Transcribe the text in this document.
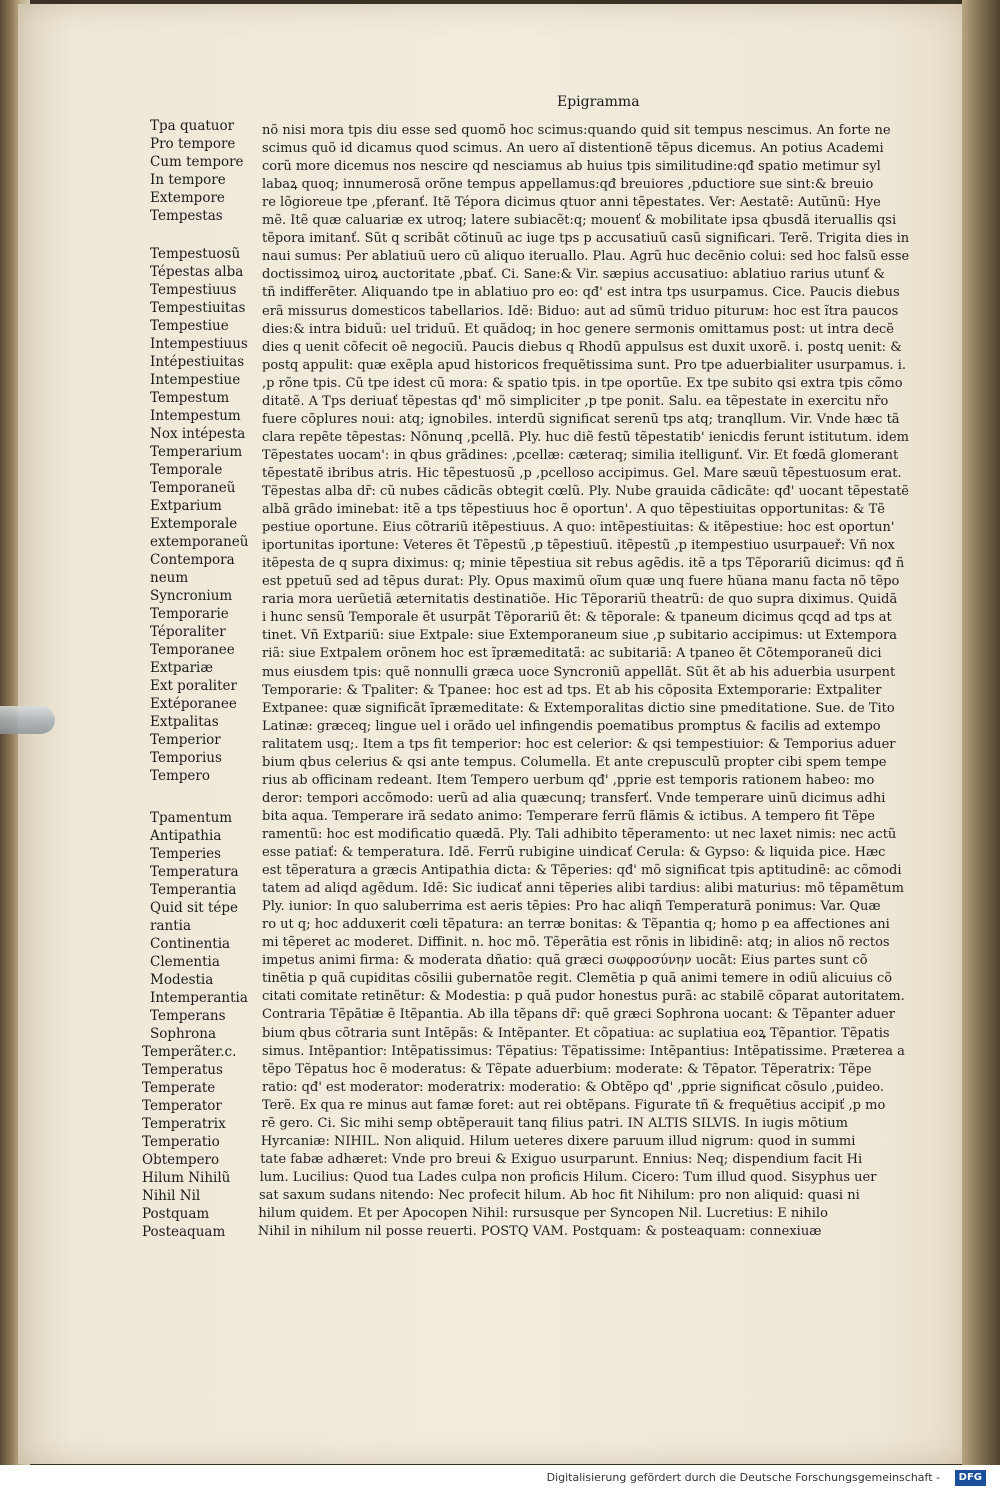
Epigramma
Tpa quatuor
Pro tempore
Cum tempore
In tempore
Extempore
Tempestas
Tempestuosũ
Tépestas alba
Tempestiuus
Tempestiuitas
Tempestiue
Intempestiuus
Intépestiuitas
Intempestiue
Tempestum
Intempestum
Nox intépesta
Temperarium
Temporale
Temporaneũ
Extparium
Extemporale
extemporaneũ
Contempora
neum
Syncronium
Temporarie
Téporaliter
Temporanee
Extpariæ
Ext poraliter
Extéporanee
Extpalitas
Temperior
Temporius
Tempero
Tpamentum
Antipathia
Temperies
Temperatura
Temperantia
Quid sit tépe
rantia
Continentia
Clementia
Modestia
Intemperantia
Temperans
Sophrona
Temperãter.c.
Temperatus
Temperate
Temperator
Temperatrix
Temperatio
Obtempero
Hilum Nihilũ
Nihil Nil
Postquam
Posteaquam
nõ nisi mora tpis diu esse sed quomõ hoc scimus:quando quid sit tempus nescimus. An forte ne
scimus quõ id dicamus quod scimus. An uero aĩ distentionẽ tẽpus dicemus. An potius Academi
corũ more dicemus nos nescire qd nesciamus ab huius tpis similitudine:qđ spatio metimur syl
labaꝝ quoq; innumerosã orõne tempus appellamus:qđ breuiores ,pductiore sue sint:& breuio
re lõgioreue tpe ,pferanť. Itẽ Tépora dicimus qtuor anni tẽpestates. Ver: Aestatẽ: Autũnũ: Hye
mẽ. Itẽ quæ caluariæ ex utroq; latere subiacẽt:q; mouenť & mobilitate ipsa qbusdã iteruallis qsi
tẽpora imitanť. Sũt q scribãt cõtinuũ ac iuge tps p accusatiuũ casũ significari. Terẽ. Trigita dies in
naui sumus: Per ablatiuũ uero cũ aliquo iteruallo. Plau. Agrũ huc decẽnio colui: sed hoc falsũ esse
doctissimoꝝ uiroꝝ auctoritate ,pbať. Ci. Sane:& Vir. sæpius accusatiuo: ablatiuo rarius utunť &
tñ indifferẽter. Aliquando tpe in ablatiuo pro eo: qđ' est intra tps usurpamus. Cice. Paucis diebus
erã missurus domesticos tabellarios. Idẽ: Biduo: aut ad sũmũ triduo pituruм: hoc est ĩtra paucos
dies:& intra biduũ: uel triduũ. Et quãdoq; in hoc genere sermonis omittamus post: ut intra decẽ
dies q uenit cõfecit oẽ negociũ. Paucis diebus q Rhodũ appulsus est duxit uxorẽ. i. postq uenit: &
postq appulit: quæ exẽpla apud historicos frequẽtissima sunt. Pro tpe aduerbialiter usurpamus. i.
,p rõne tpis. Cũ tpe idest cũ mora: & spatio tpis. in tpe oportũe. Ex tpe subito qsi extra tpis cõmo
ditatẽ. A Tps deriuať tẽpestas qđ' mõ simpliciter ,p tpe ponit. Salu. ea tẽpestate in exercitu nr̃o
fuere cõplures noui: atq; ignobiles. interdũ significat serenũ tps atq; tranqllum. Vir. Vnde hæc tã
clara repẽte tẽpestas: Nõnunq ,pcellã. Ply. huc diẽ festũ tẽpestatib' ienicdis ferunt istitutum. idem
Tẽpestates uocam': in qbus grãdines: ,pcellæ: cæteraq; similia itelligunť. Vir. Et fœdã glomerant
tẽpestatẽ ibribus atris. Hic tẽpestuosũ ,p ,pcelloso accipimus. Gel. Mare sæuũ tẽpestuosum erat.
Tẽpestas alba dr̃: cũ nubes cãdicãs obtegit cœlũ. Ply. Nube grauida cãdicãte: qđ' uocant tẽpestatẽ
albã grãdo iminebat: itẽ a tps tẽpestiuus hoc ẽ oportun'. A quo tẽpestiuitas opportunitas: & Tẽ
pestiue oportune. Eius cõtrariũ itẽpestiuus. A quo: intẽpestiuitas: & itẽpestiue: hoc est oportun'
iportunitas iportune: Veteres ẽt Tẽpestũ ,p tẽpestiuũ. itẽpestũ ,p itempestiuo usurpaueř: Vñ nox
itẽpesta de q supra diximus: q; minie tẽpestiua sit rebus agẽdis. itẽ a tps Tẽporariũ dicimus: qđ ñ
est ppetuũ sed ad tẽpus durat: Ply. Opus maximũ oĩum quæ unq fuere hũana manu facta nõ tẽpo
raria mora uerũetiã æternitatis destinatiõe. Hic Tẽporariũ theatrũ: de quo supra diximus. Quidã
i hunc sensũ Temporale ẽt usurpãt Tẽporariũ ẽt: & tẽporale: & tpaneum dicimus qcqd ad tps at
tinet. Vñ Extpariũ: siue Extpale: siue Extemporaneum siue ,p subitario accipimus: ut Extempora
riã: siue Extpalem orõnem hoc est ĩpræmeditatã: ac subitariã: A tpaneo ẽt Cõtemporaneũ dici
mus eiusdem tpis: quẽ nonnulli græca uoce Syncroniũ appellãt. Sũt ẽt ab his aduerbia usurpent
Temporarie: & Tpaliter: & Tpanee: hoc est ad tps. Et ab his cõposita Extemporarie: Extpaliter
Extpanee: quæ significãt ĩpræmeditate: & Extemporalitas dictio sine pmeditatione. Sue. de Tito
Latinæ: græceq; lingue uel i orãdo uel infingendis poematibus promptus & facilis ad extempo
ralitatem usq;. Item a tps fit temperior: hoc est celerior: & qsi tempestiuior: & Temporius aduer
bium qbus celerius & qsi ante tempus. Columella. Et ante crepusculũ propter cibi spem tempe
rius ab officinam redeant. Item Tempero uerbum qđ' ,pprie est temporis rationem habeo: mo
deror: tempori accõmodo: uerũ ad alia quæcunq; transferť. Vnde temperare uinũ dicimus adhi
bita aqua. Temperare irã sedato animo: Temperare ferrũ flãmis & ictibus. A tempero fit Tẽpe
ramentũ: hoc est modificatio quædã. Ply. Tali adhibito tẽperamento: ut nec laxet nimis: nec actũ
esse patiať: & temperatura. Idẽ. Ferrũ rubigine uindicať Cerula: & Gypso: & liquida pice. Hæc
est tẽperatura a græcis Antipathia dicta: & Tẽperies: qđ' mõ significat tpis aptitudinẽ: ac cõmodi
tatem ad aliqd agẽdum. Idẽ: Sic iudicať anni tẽperies alibi tardius: alibi maturius: mõ tẽpamẽtum
Ply. iunior: In quo saluberrima est aeris tẽpies: Pro hac aliqñ Temperaturã ponimus: Var. Quæ
ro ut q; hoc adduxerit cœli tẽpatura: an terræ bonitas: & Tẽpantia q; homo p ea affectiones ani
mi tẽperet ac moderet. Diffinit. n. hoc mõ. Tẽperãtia est rõnis in libidinẽ: atq; in alios nõ rectos
impetus animi firma: & moderata dñatio: quã græci σωφροσύνην uocãt: Eius partes sunt cõ
tinẽtia p quã cupiditas cõsilii gubernatõe regit. Clemẽtia p quã animi temere in odiũ alicuius cõ
citati comitate retinẽtur: & Modestia: p quã pudor honestus purã: ac stabilẽ cõparat autoritatem.
Contraria Tẽpãtiæ ẽ Itẽpantia. Ab illa tẽpans dr̃: quẽ græci Sophrona uocant: & Tẽpanter aduer
bium qbus cõtraria sunt Intẽpãs: & Intẽpanter. Et cõpatiua: ac suplatiua eoꝝ Tẽpantior. Tẽpatis
simus. Intẽpantior: Intẽpatissimus: Tẽpatius: Tẽpatissime: Intẽpantius: Intẽpatissime. Præterea a
tẽpo Tẽpatus hoc ẽ moderatus: & Tẽpate aduerbium: moderate: & Tẽpator. Tẽperatrix: Tẽpe
ratio: qđ' est moderator: moderatrix: moderatio: & Obtẽpo qđ' ,pprie significat cõsulo ,puideo.
Terẽ. Ex qua re minus aut famæ foret: aut rei obtẽpans. Figurate tñ & frequẽtius accipiť ,p mo
rẽ gero. Ci. Sic mihi semp obtẽperauit tanq filius patri. IN ALTIS SILVIS. In iugis mõtium
Hyrcaniæ: NIHIL. Non aliquid. Hilum ueteres dixere paruum illud nigrum: quod in summi
tate fabæ adhæret: Vnde pro breui & Exiguo usurparunt. Ennius: Neq; dispendium facit Hi
lum. Lucilius: Quod tua Lades culpa non proficis Hilum. Cicero: Tum illud quod. Sisyphus uer
sat saxum sudans nitendo: Nec profecit hilum. Ab hoc fit Nihilum: pro non aliquid: quasi ni
hilum quidem. Et per Apocopen Nihil: rursusque per Syncopen Nil. Lucretius: E nihilo
Nihil in nihilum nil posse reuerti. POSTQ VAM. Postquam: & posteaquam: connexiuæ
Digitalisierung gefördert durch die Deutsche Forschungsgemeinschaft -	DFG
